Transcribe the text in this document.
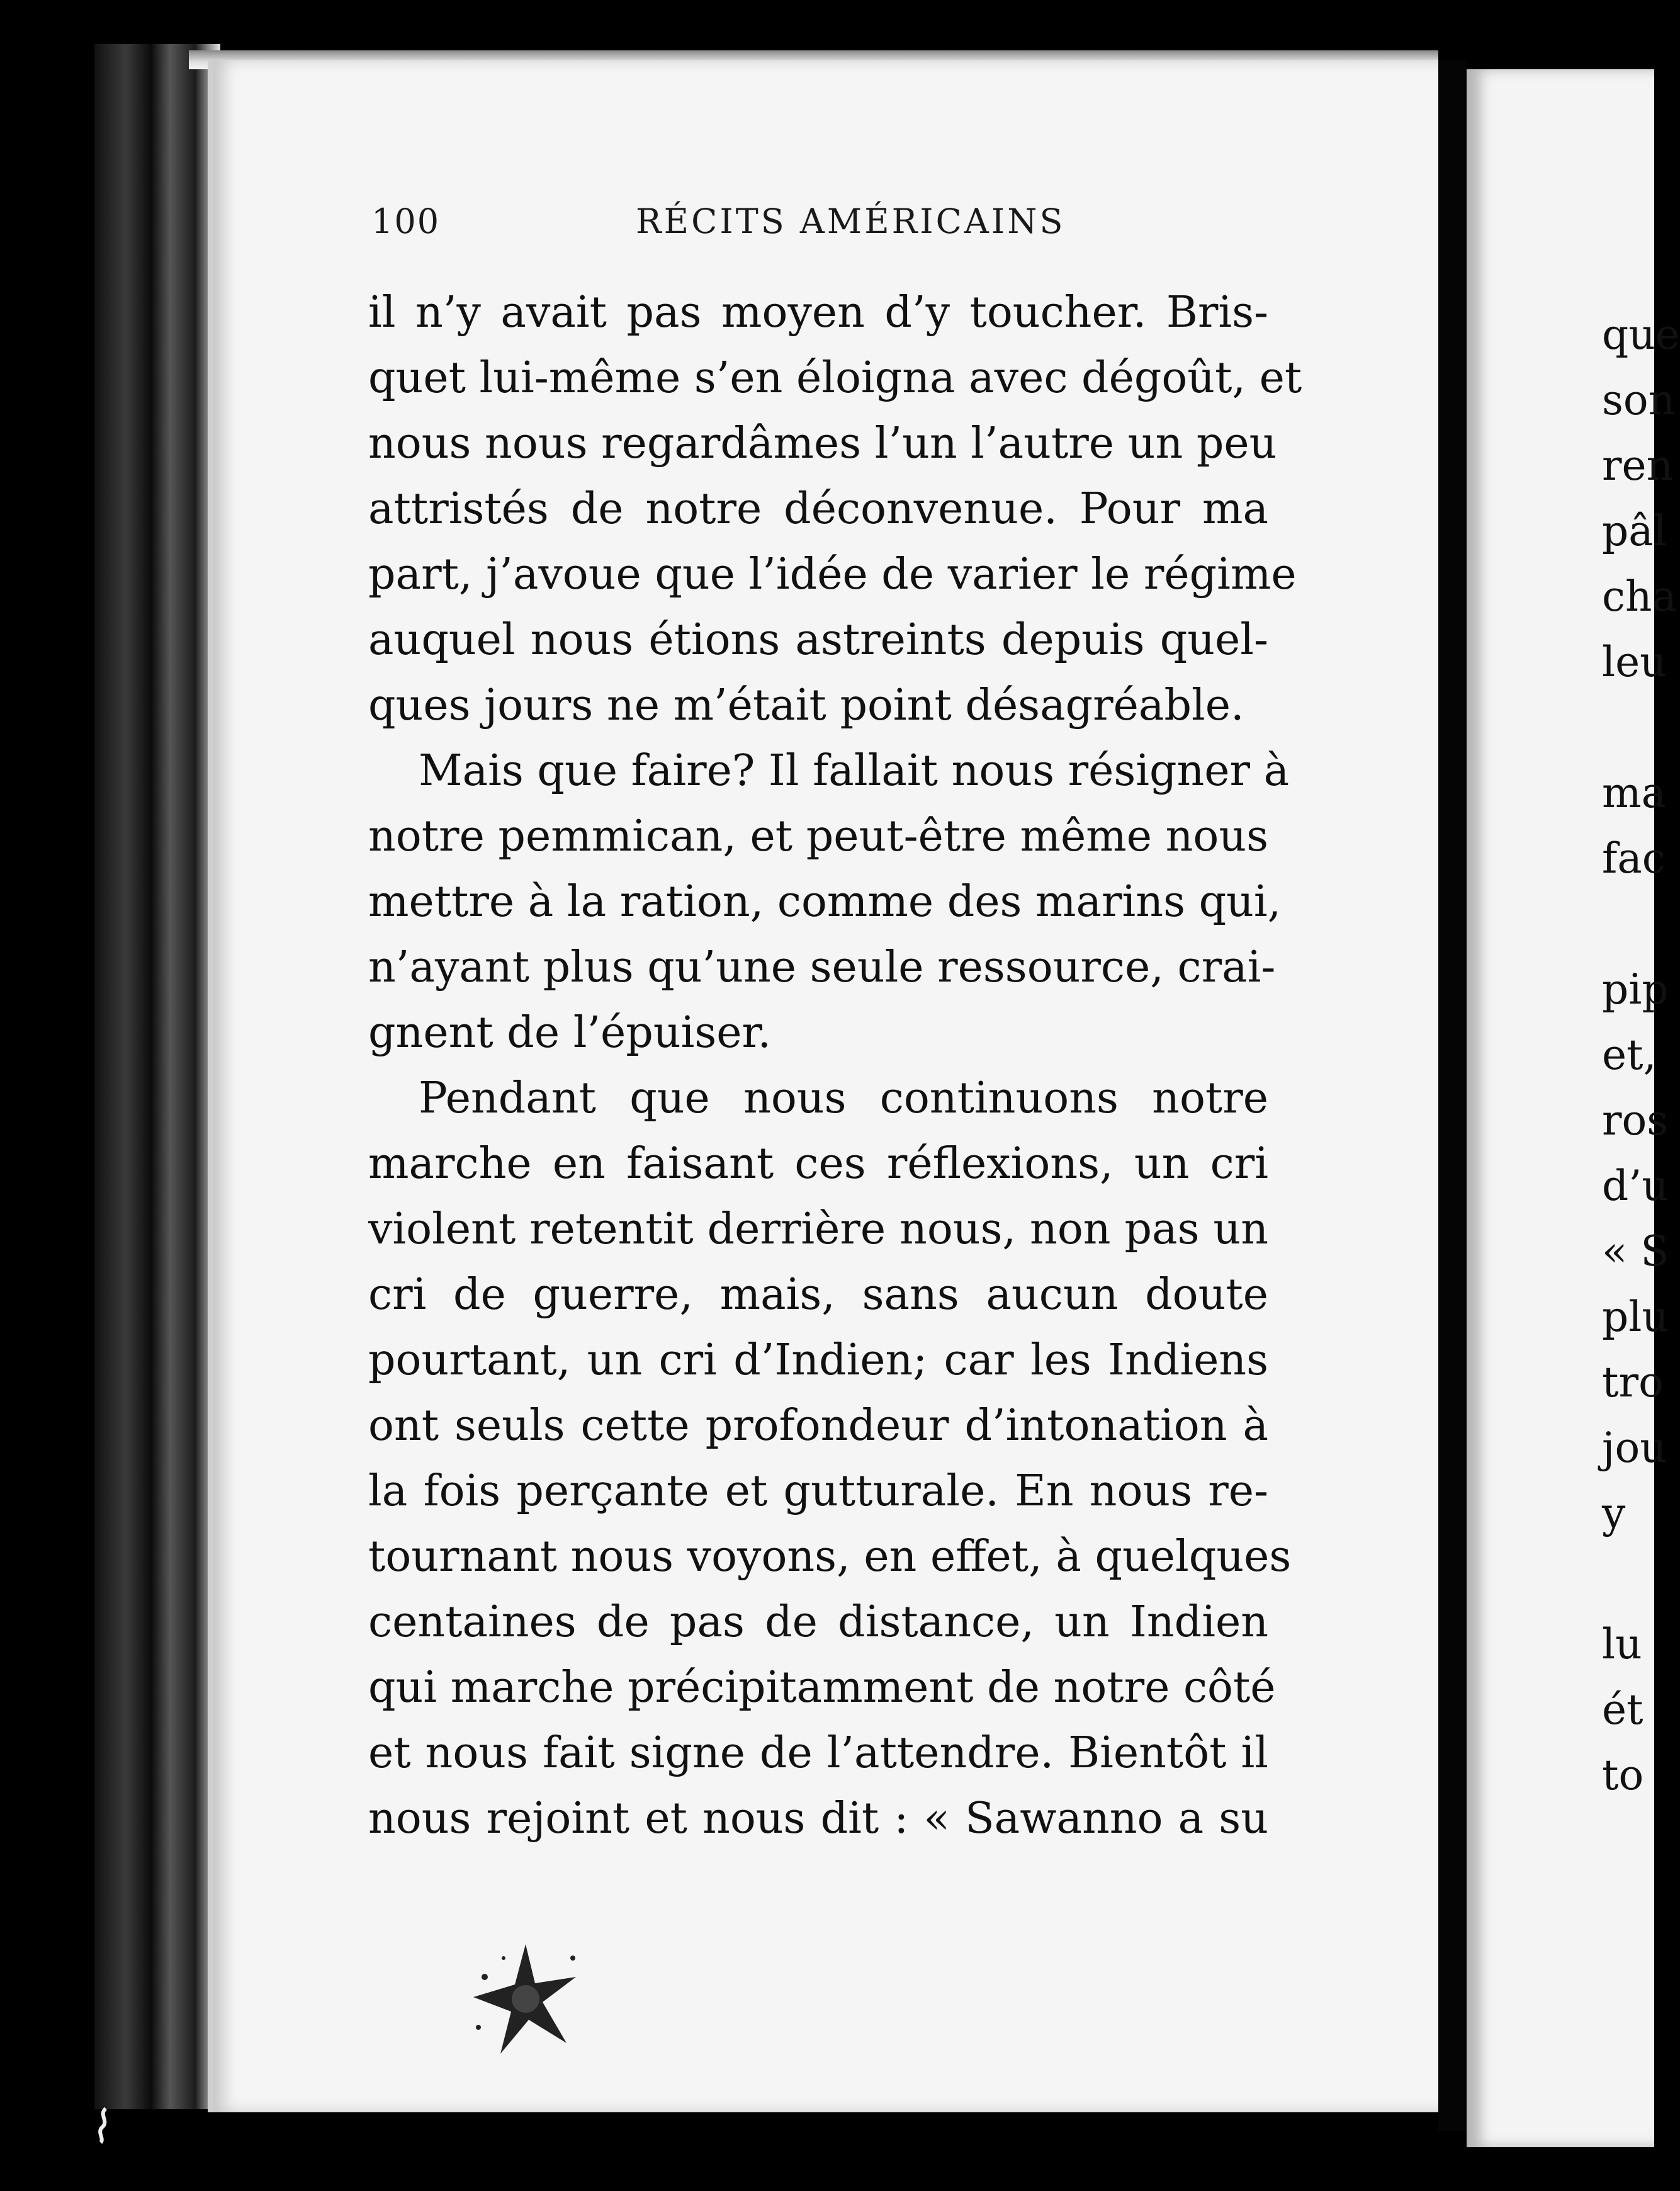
100	RÉCITS AMÉRICAINS
il n’y avait pas moyen d’y toucher. Bris-
quet lui-même s’en éloigna avec dégoût, et
nous nous regardâmes l’un l’autre un peu
attristés de notre déconvenue. Pour ma
part, j’avoue que l’idée de varier le régime
auquel nous étions astreints depuis quel-
ques jours ne m’était point désagréable.
Mais que faire? Il fallait nous résigner à
notre pemmican, et peut-être même nous
mettre à la ration, comme des marins qui,
n’ayant plus qu’une seule ressource, crai-
gnent de l’épuiser.
Pendant que nous continuons notre
marche en faisant ces réflexions, un cri
violent retentit derrière nous, non pas un
cri de guerre, mais, sans aucun doute
pourtant, un cri d’Indien; car les Indiens
ont seuls cette profondeur d’intonation à
la fois perçante et gutturale. En nous re-
tournant nous voyons, en effet, à quelques
centaines de pas de distance, un Indien
qui marche précipitamment de notre côté
et nous fait signe de l’attendre. Bientôt il
nous rejoint et nous dit : « Sawanno a su
que
son
ren
pâl
cha
leu
ma
fac
pip
et,
ros
d’u
« S
plu
tro
jou
y
lu
ét
to
